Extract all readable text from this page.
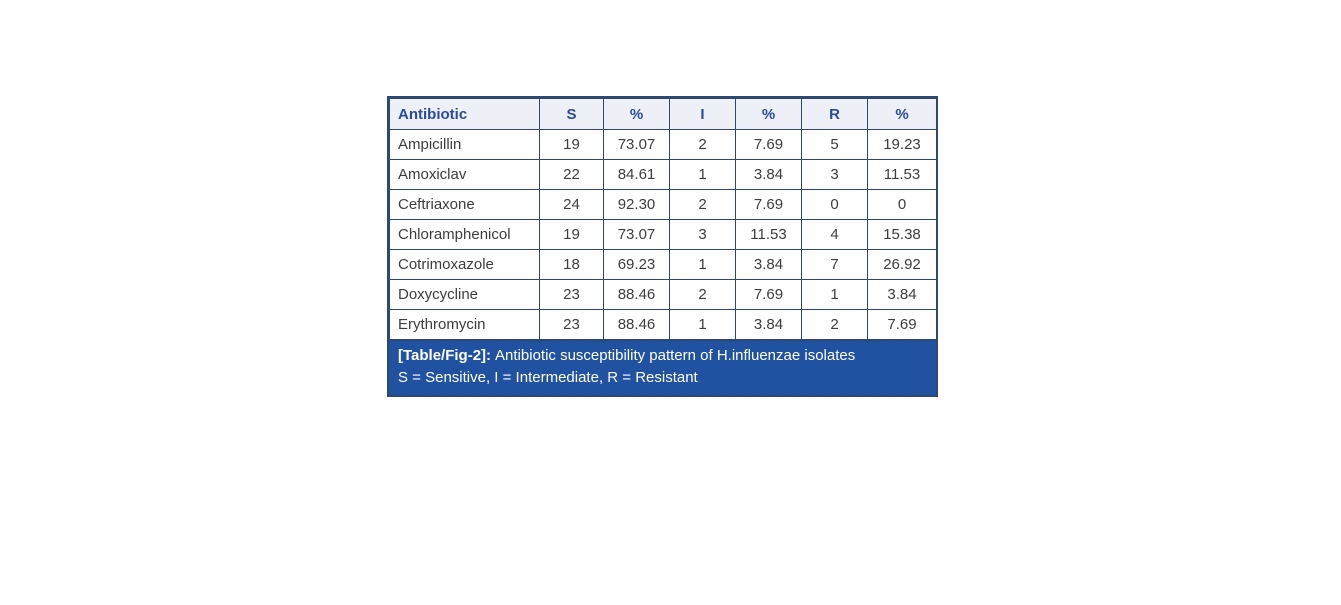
Antibiotic	S	%	I	%	R	%
Ampicillin	19	73.07	2	7.69	5	19.23
Amoxiclav	22	84.61	1	3.84	3	11.53
Ceftriaxone	24	92.30	2	7.69	0	0
Chloramphenicol	19	73.07	3	11.53	4	15.38
Cotrimoxazole	18	69.23	1	3.84	7	26.92
Doxycycline	23	88.46	2	7.69	1	3.84
Erythromycin	23	88.46	1	3.84	2	7.69
[Table/Fig-2]: Antibiotic susceptibility pattern of H.influenzae isolates
S = Sensitive, I = Intermediate, R = Resistant
